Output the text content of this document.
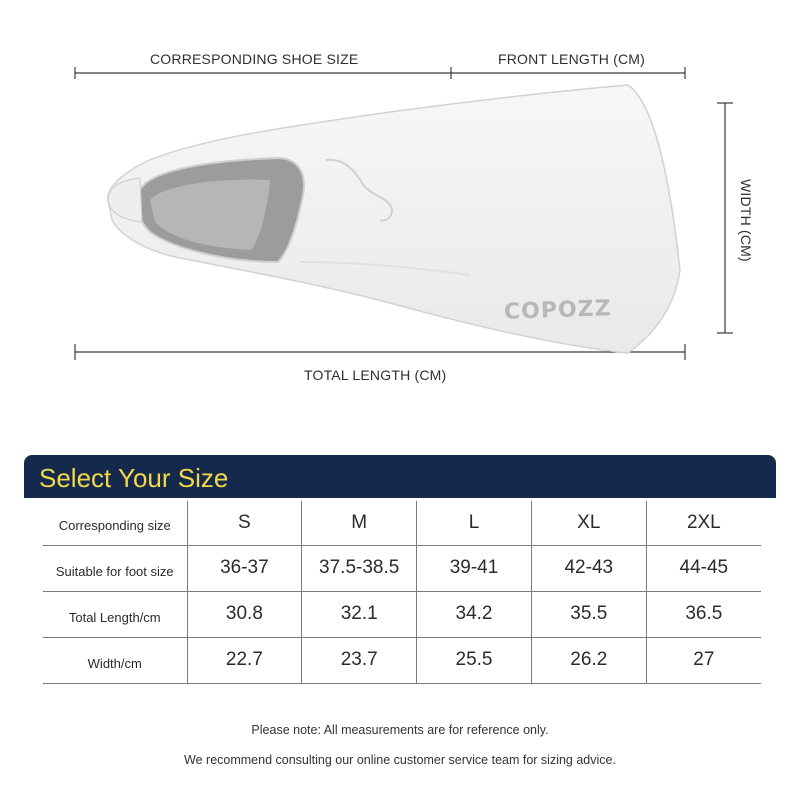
CORRESPONDING SHOE SIZE	FRONT LENGTH (CM)
TOTAL LENGTH (CM)
WIDTH (CM)
COPOZZ
Select Your Size
Corresponding size	S	M	L	XL	2XL
Suitable for foot size	36-37	37.5-38.5	39-41	42-43	44-45
Total Length/cm	30.8	32.1	34.2	35.5	36.5
Width/cm	22.7	23.7	25.5	26.2	27
Please note: All measurements are for reference only.
We recommend consulting our online customer service team for sizing advice.
